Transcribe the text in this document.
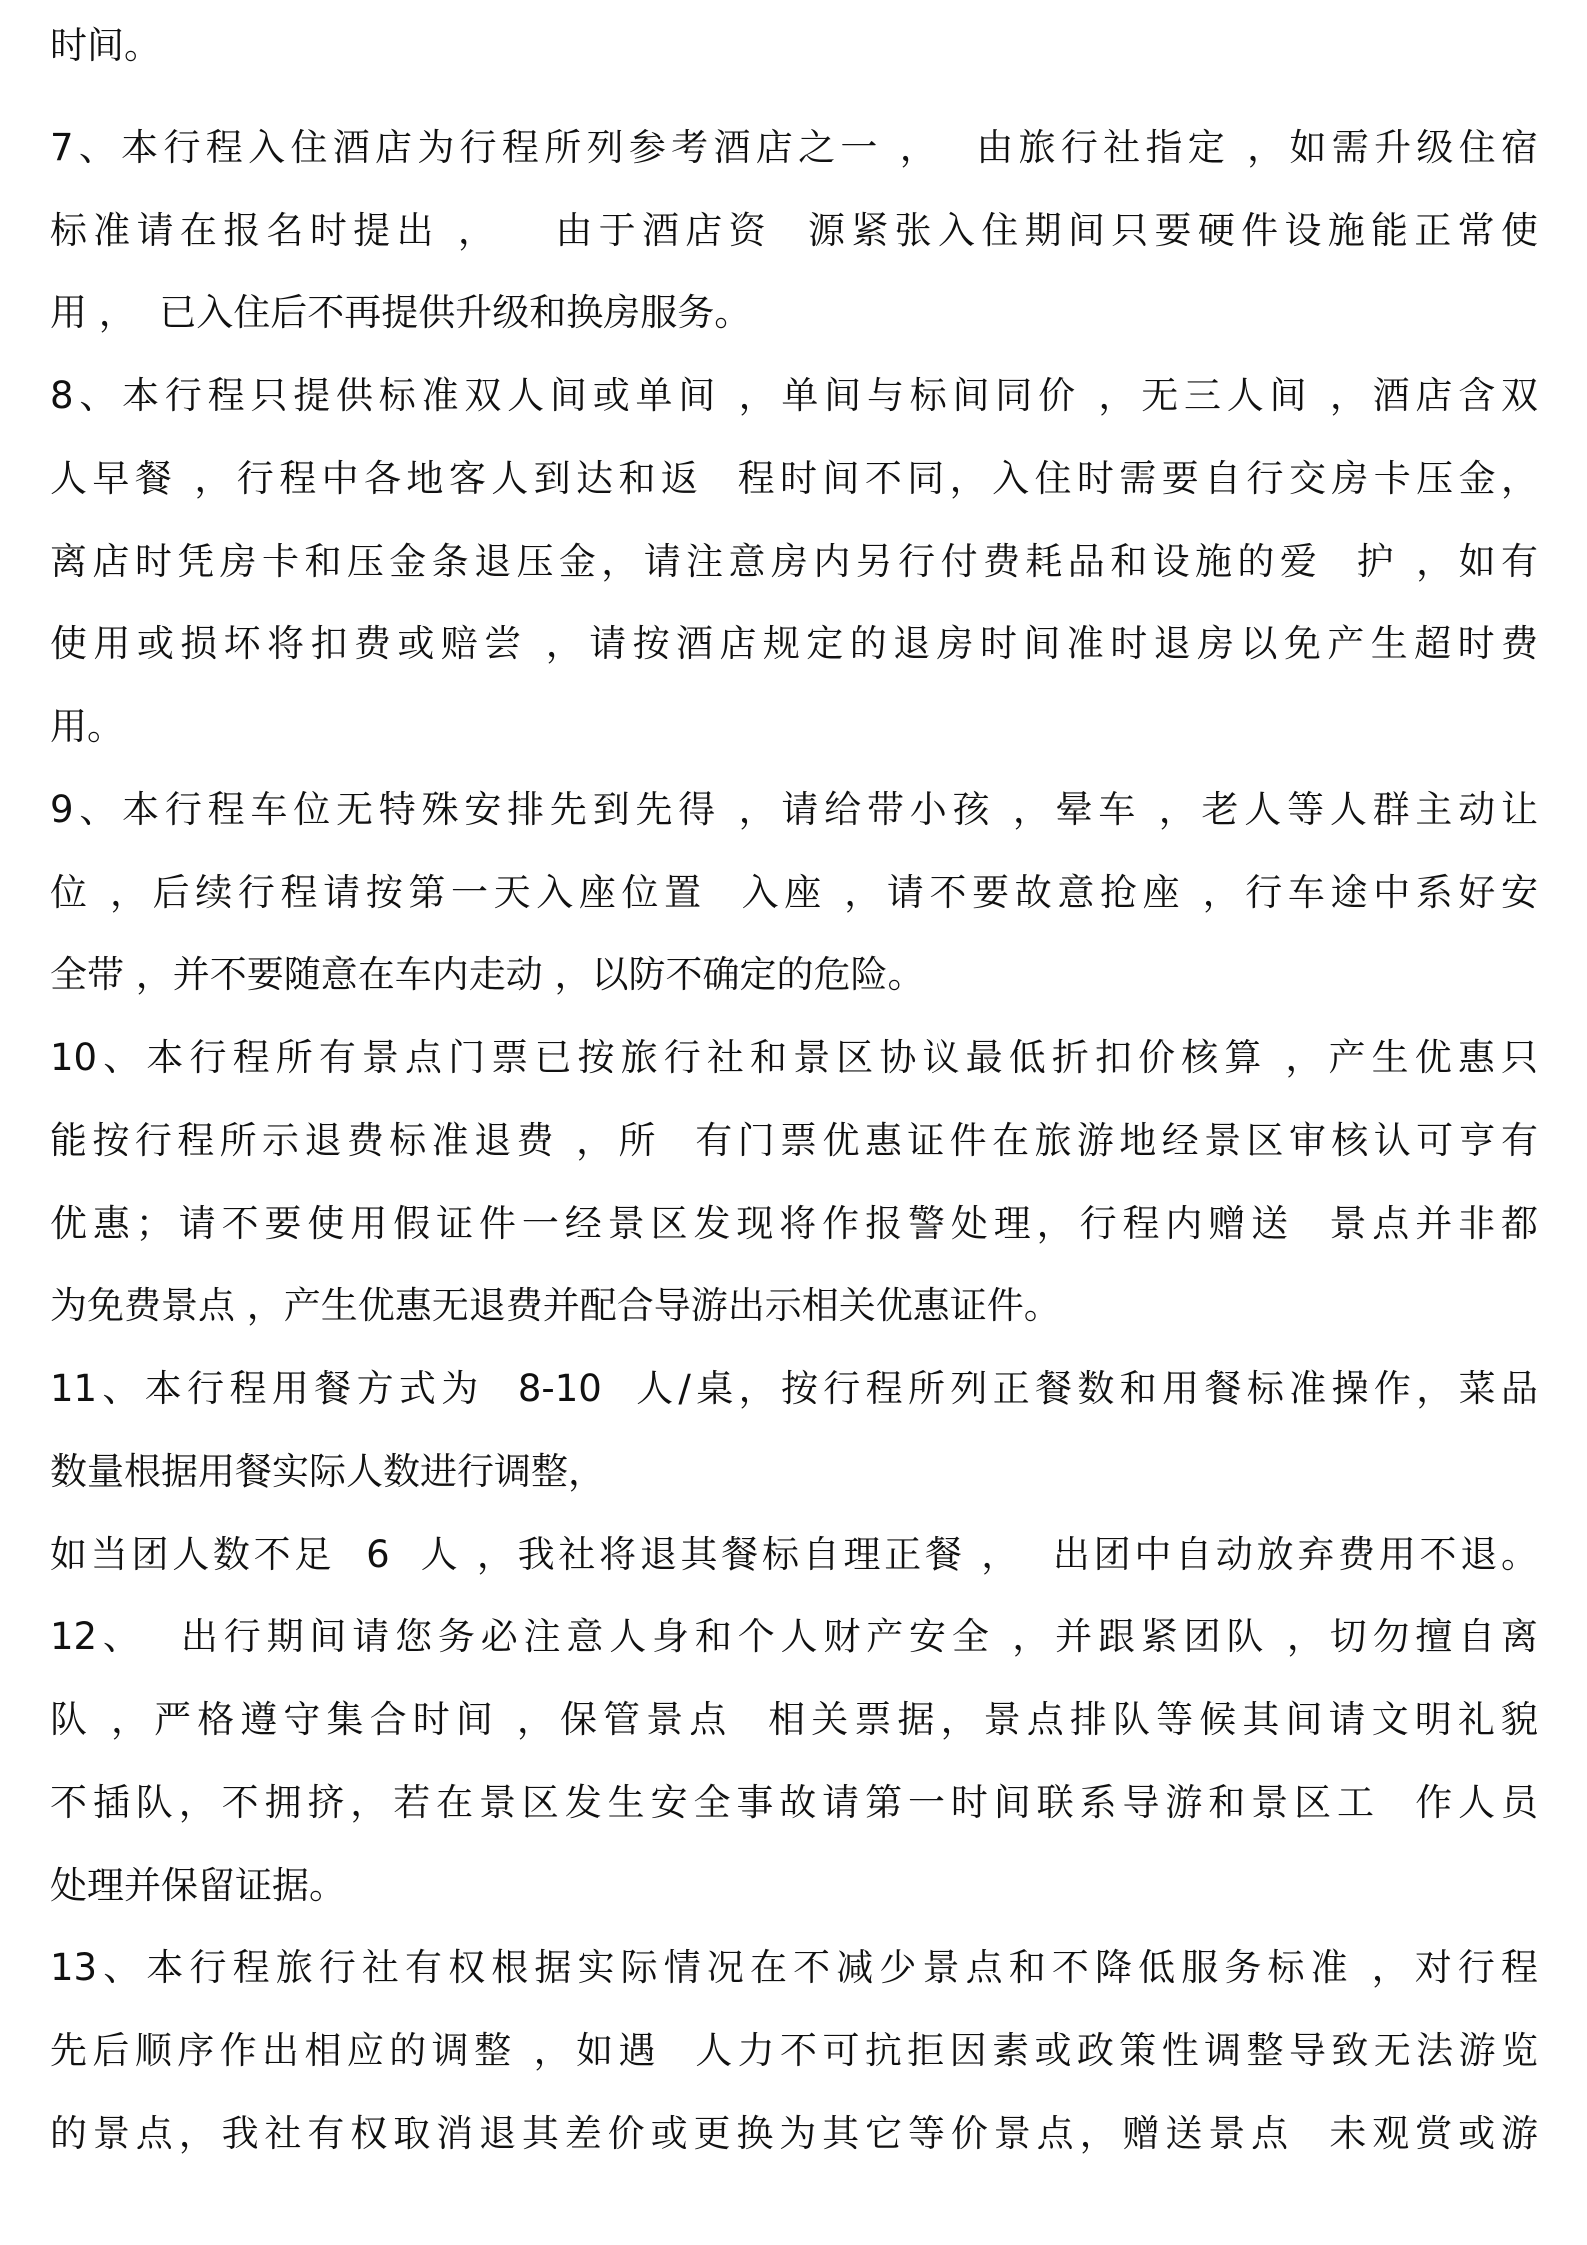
时间。
7、本行程入住酒店为行程所列参考酒店之一 ，  由旅行社指定 ，如需升级住宿
标准请在报名时提出 ，   由于酒店资  源紧张入住期间只要硬件设施能正常使
用 ，  已入住后不再提供升级和换房服务。
8、本行程只提供标准双人间或单间 ，单间与标间同价 ，无三人间 ，酒店含双
人早餐 ，行程中各地客人到达和返  程时间不同，入住时需要自行交房卡压金，
离店时凭房卡和压金条退压金，请注意房内另行付费耗品和设施的爱  护 ，如有
使用或损坏将扣费或赔尝 ，请按酒店规定的退房时间准时退房以免产生超时费
用。
9、本行程车位无特殊安排先到先得 ，请给带小孩 ，晕车 ，老人等人群主动让
位 ，后续行程请按第一天入座位置  入座 ，请不要故意抢座 ，行车途中系好安
全带 ，并不要随意在车内走动 ，以防不确定的危险。
10、本行程所有景点门票已按旅行社和景区协议最低折扣价核算 ，产生优惠只
能按行程所示退费标准退费 ，所  有门票优惠证件在旅游地经景区审核认可亨有
优惠；请不要使用假证件一经景区发现将作报警处理，行程内赠送  景点并非都
为免费景点 ，产生优惠无退费并配合导游出示相关优惠证件。
11、本行程用餐方式为  8-10  人/桌，按行程所列正餐数和用餐标准操作，菜品
数量根据用餐实际人数进行调整，
如当团人数不足  6  人 ，我社将退其餐标自理正餐 ，  出团中自动放弃费用不退。
12、  出行期间请您务必注意人身和个人财产安全 ，并跟紧团队 ，切勿擅自离
队 ，严格遵守集合时间 ，保管景点  相关票据，景点排队等候其间请文明礼貌
不插队，不拥挤，若在景区发生安全事故请第一时间联系导游和景区工  作人员
处理并保留证据。
13、本行程旅行社有权根据实际情况在不减少景点和不降低服务标准 ，对行程
先后顺序作出相应的调整 ，如遇  人力不可抗拒因素或政策性调整导致无法游览
的景点，我社有权取消退其差价或更换为其它等价景点，赠送景点  未观赏或游
